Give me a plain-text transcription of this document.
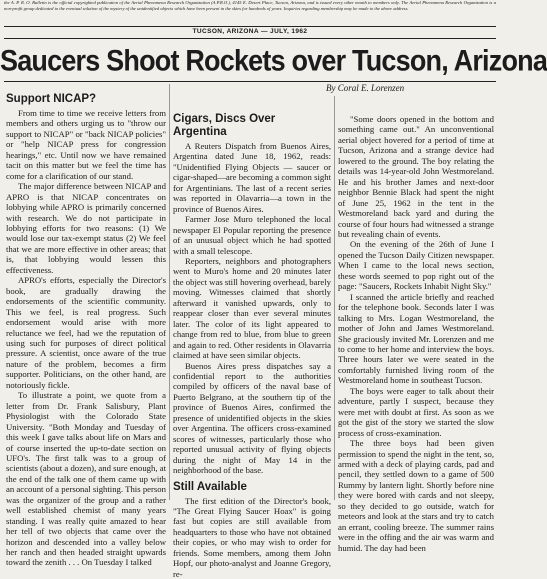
the A. P. R. O. Bulletin is the official copyrighted publication of the Aerial Phenomena Research Organization (A.P.R.O.), 4145 E. Desert Place, Tucson, Arizona, and is issued every other month to members only. The Aerial Phenomena Research Organization is a non-profit group dedicated to the eventual solution of the mystery of the unidentified objects which have been present in the skies for hundreds of years. Inquiries regarding membership may be made to the above address.
TUCSON, ARIZONA — JULY, 1962
Saucers Shoot Rockets over Tucson, Arizona
By Coral E. Lorenzen
Support NICAP?

From time to time we receive letters from members and others urging us to "throw our support to NICAP" or "back NICAP policies" or "help NICAP press for congression hearings," etc. Until now we have remained tacit on this matter but we feel the time has come for a clarification of our stand.

The major difference between NICAP and APRO is that NICAP concentrates on lobbying while APRO is primarily concerned with research. We do not participate in lobbying efforts for two reasons: (1) We would lose our tax-exempt status (2) We feel that we are more effective in other areas; that is, that lobbying would lessen this effectiveness.

APRO's efforts, especially the Director's book, are gradually drawing the endorsements of the scientific community. This we feel, is real progress. Such endorsement would arise with more reluctance we feel, had we the reputation of using such for purposes of direct political pressure. A scientist, once aware of the true nature of the problem, becomes a firm supporter. Politicians, on the other hand, are notoriously fickle.

To illustrate a point, we quote from a letter from Dr. Frank Salisbury, Plant Physiologist with the Colorado State University. "Both Monday and Tuesday of this week I gave talks about life on Mars and of course inserted the up-to-date section on UFO's. The first talk was to a group of scientists (about a dozen), and sure enough, at the end of the talk one of them came up with an account of a personal sighting. This person was the organizer of the group and a rather well established chemist of many years standing. I was really quite amazed to hear her tell of two objects that came over the horizon and descended into a valley below her ranch and then headed straight upwards toward the zenith . . . On Tuesday I talked

Cigars, Discs Over Argentina

A Reuters Dispatch from Buenos Aires, Argentina dated June 18, 1962, reads: "Unidentified Flying Objects — saucer or cigar-shaped—are becoming a common sight for Argentinians. The last of a recent series was reported in Olavarria—a town in the province of Buenos Aires.

Farmer Jose Muro telephoned the local newspaper El Popular reporting the presence of an unusual object which he had spotted with a small telescope.

Reporters, neighbors and photographers went to Muro's home and 20 minutes later the object was still hovering overhead, barely moving. Witnesses claimed that shortly afterward it vanished upwards, only to reappear closer than ever several minutes later. The color of its light appeared to change from red to blue, from blue to green and again to red. Other residents in Olavarria claimed at have seen similar objects.

Buenos Aires press dispatches say a confidential report to the authorities compiled by officers of the naval base of Puerto Belgrano, at the southern tip of the province of Buenos Aires, confirmed the presence of unidentified objects in the skies over Argentina. The officers cross-examined scores of witnesses, particularly those who reported unusual activity of flying objects during the night of May 14 in the neighborhood of the base.

Still Available

The first edition of the Director's book, "The Great Flying Saucer Hoax" is going fast but copies are still available from headquarters to those who have not obtained their copies, or who may wish to order for friends. Some members, among them John Hopf, our photo-analyst and Joanne Gregory, re-

"Some doors opened in the bottom and something came out." An unconventional aerial object hovered for a period of time at Tucson, Arizona and a strange device had lowered to the ground. The boy relating the details was 14-year-old John Westmoreland. He and his brother James and next-door neighbor Bennie Black had spent the night of June 25, 1962 in the tent in the Westmoreland back yard and during the course of four hours had witnessed a strange but revealing chain of events.

On the evening of the 26th of June I opened the Tucson Daily Citizen newspaper. When I came to the local news section, these words seemed to pop right out of the page: "Saucers, Rockets Inhabit Night Sky."

I scanned the article briefly and reached for the telephone book. Seconds later I was talking to Mrs. Logan Westmoreland, the mother of John and James Westmoreland. She graciously invited Mr. Lorenzen and me to come to her home and interview the boys. Three hours later we were seated in the comfortably furnished living room of the Westmoreland home in southeast Tucson.

The boys were eager to talk about their adventure, partly I suspect, because they were met with doubt at first. As soon as we got the gist of the story we started the slow process of cross-examination.

The three boys had been given permission to spend the night in the tent, so, armed with a deck of playing cards, pad and pencil, they settled down to a game of 500 Rummy by lantern light. Shortly before nine they were bored with cards and not sleepy, so they decided to go outside, watch for meteors and look at the stars and try to catch an errant, cooling breeze. The summer rains were in the offing and the air was warm and humid. The day had been
